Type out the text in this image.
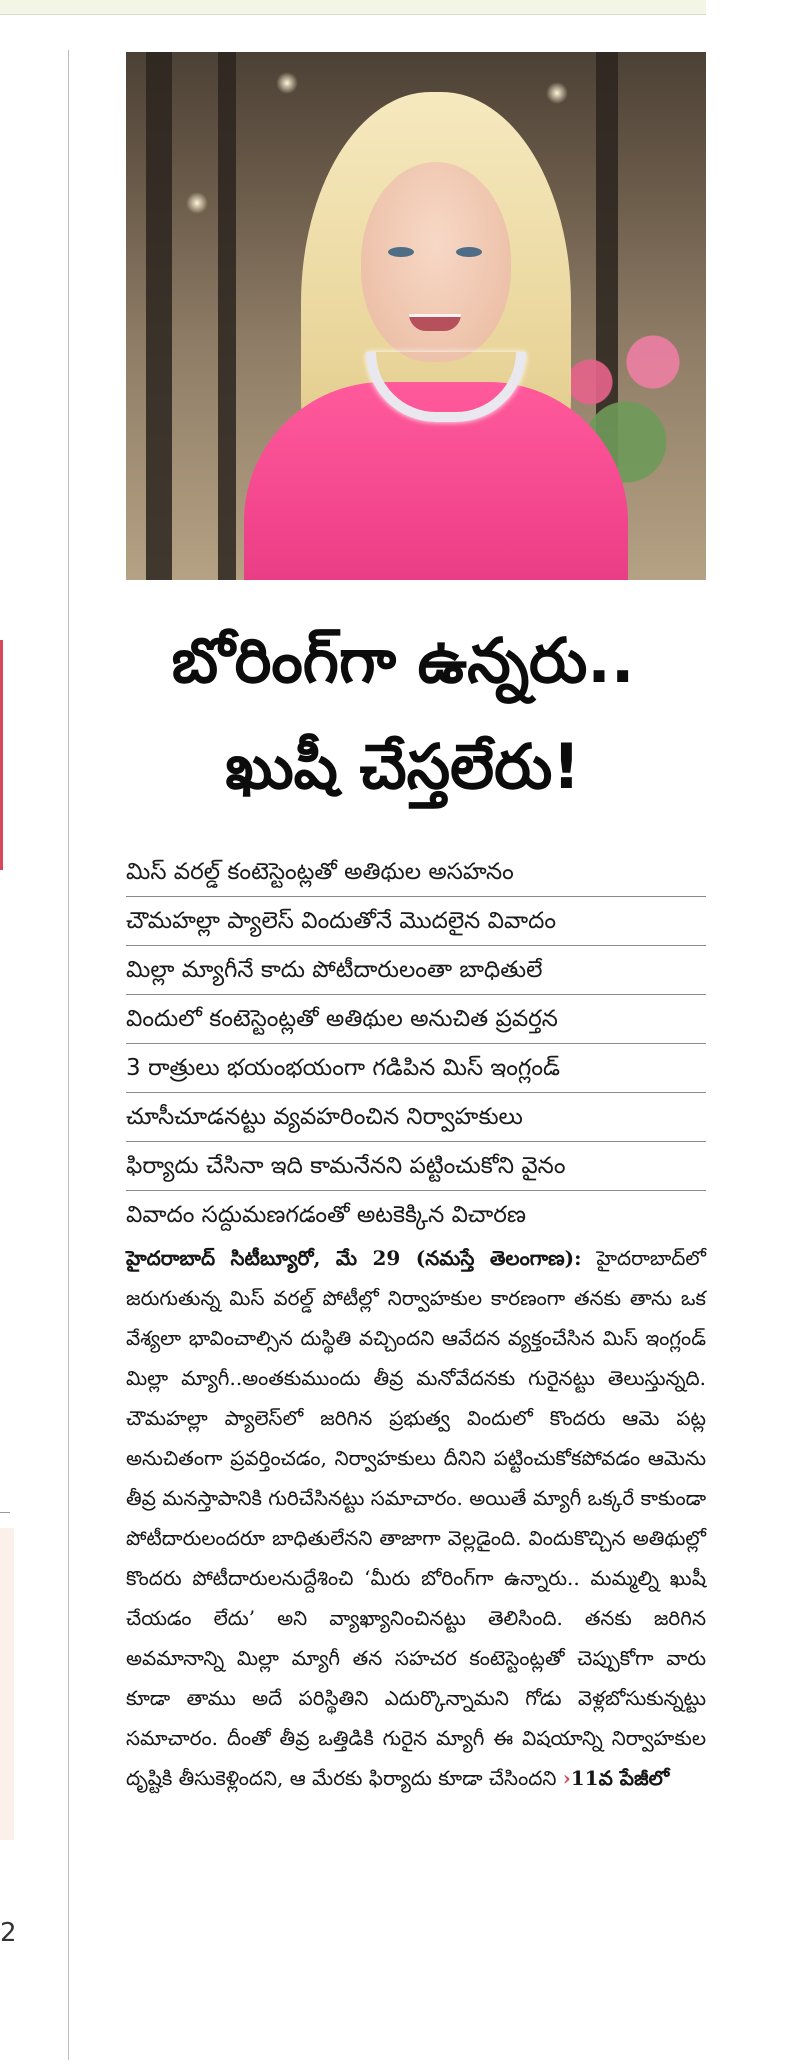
2
బోరింగ్‌గా ఉన్నరు..
ఖుషీ చేస్తలేరు!
మిస్ వరల్డ్ కంటెస్టెంట్లతో అతిథుల అసహనం
చౌమహల్లా ప్యాలెస్ విందుతోనే మొదలైన వివాదం
మిల్లా మ్యాగీనే కాదు పోటీదారులంతా బాధితులే
విందులో కంటెస్టెంట్లతో అతిథుల అనుచిత ప్రవర్తన
3 రాత్రులు భయంభయంగా గడిపిన మిస్ ఇంగ్లండ్
చూసీచూడనట్టు వ్యవహరించిన నిర్వాహకులు
ఫిర్యాదు చేసినా ఇది కామనేనని పట్టించుకోని వైనం
వివాదం సద్దుమణగడంతో అటకెక్కిన విచారణ

హైదరాబాద్ సిటీబ్యూరో, మే 29 (నమస్తే తెలంగాణ): హైదరాబాద్‌లో జరుగుతున్న మిస్ వరల్డ్ పోటీల్లో నిర్వాహకుల కారణంగా తనకు తాను ఒక వేశ్యలా భావించాల్సిన దుస్థితి వచ్చిందని ఆవేదన వ్యక్తంచేసిన మిస్ ఇంగ్లండ్ మిల్లా మ్యాగీ..అంతకుముందు తీవ్ర మనోవేదనకు గురైనట్టు తెలుస్తున్నది. చౌమహల్లా ప్యాలెస్‌లో జరిగిన ప్రభుత్వ విందులో కొందరు ఆమె పట్ల అనుచితంగా ప్రవర్తించడం, నిర్వాహకులు దీనిని పట్టించుకోకపోవడం ఆమెను తీవ్ర మనస్తాపానికి గురిచేసినట్టు సమాచారం. అయితే మ్యాగీ ఒక్కరే కాకుండా పోటీదారులందరూ బాధితులేనని తాజాగా వెల్లడైంది. విందుకొచ్చిన అతిథుల్లో కొందరు పోటీదారులనుద్దేశించి ‘మీరు బోరింగ్‌గా ఉన్నారు.. మమ్మల్ని ఖుషీ చేయడం లేదు’ అని వ్యాఖ్యానించినట్టు తెలిసింది. తనకు జరిగిన అవమానాన్ని మిల్లా మ్యాగీ తన సహచర కంటెస్టెంట్లతో చెప్పుకోగా వారు కూడా తాము అదే పరిస్థితిని ఎదుర్కొన్నామని గోడు వెళ్లబోసుకున్నట్టు సమాచారం. దీంతో తీవ్ర ఒత్తిడికి గురైన మ్యాగీ ఈ విషయాన్ని నిర్వాహకుల దృష్టికి తీసుకెళ్లిందని, ఆ మేరకు ఫిర్యాదు కూడా చేసిందని ›11వ పేజీలో
